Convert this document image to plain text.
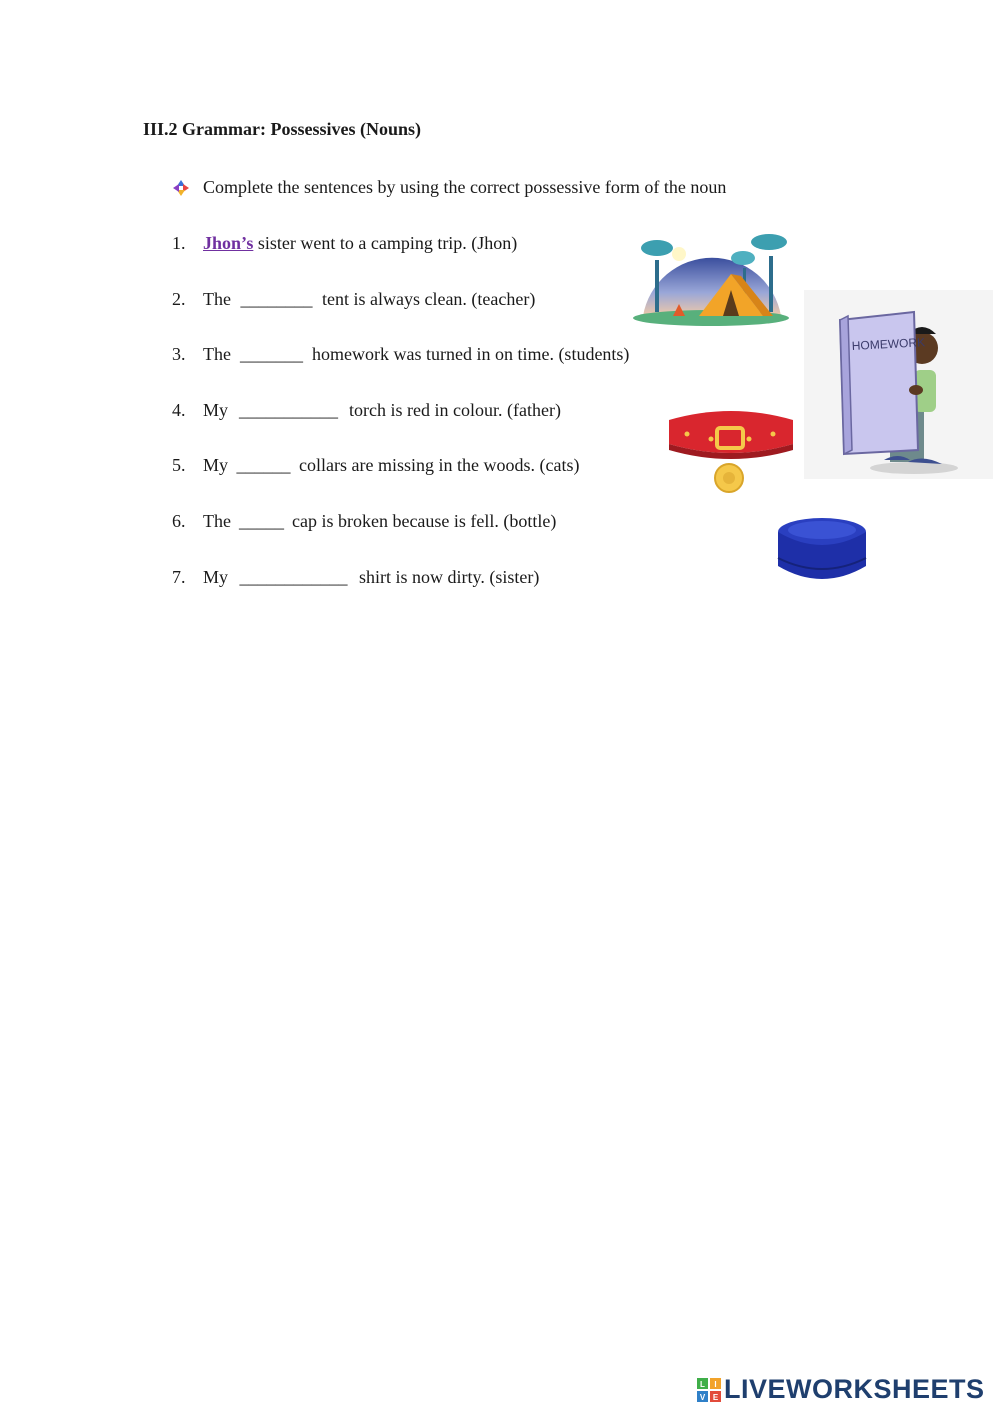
III.2 Grammar: Possessives (Nouns)
Complete the sentences by using the correct possessive form of the noun
1. Jhon’s sister went to a camping trip. (Jhon)
2. The ________	tent is always clean. (teacher)
3. The _______	homework was turned in on time. (students)
4. My ___________	torch is red in colour. (father)
5. My ______	collars are missing in the woods. (cats)
6. The _____	cap is broken because is fell. (bottle)
7. My ____________	shirt is now dirty. (sister)
HOMEWORK
L I
V E LIVEWORKSHEETS
